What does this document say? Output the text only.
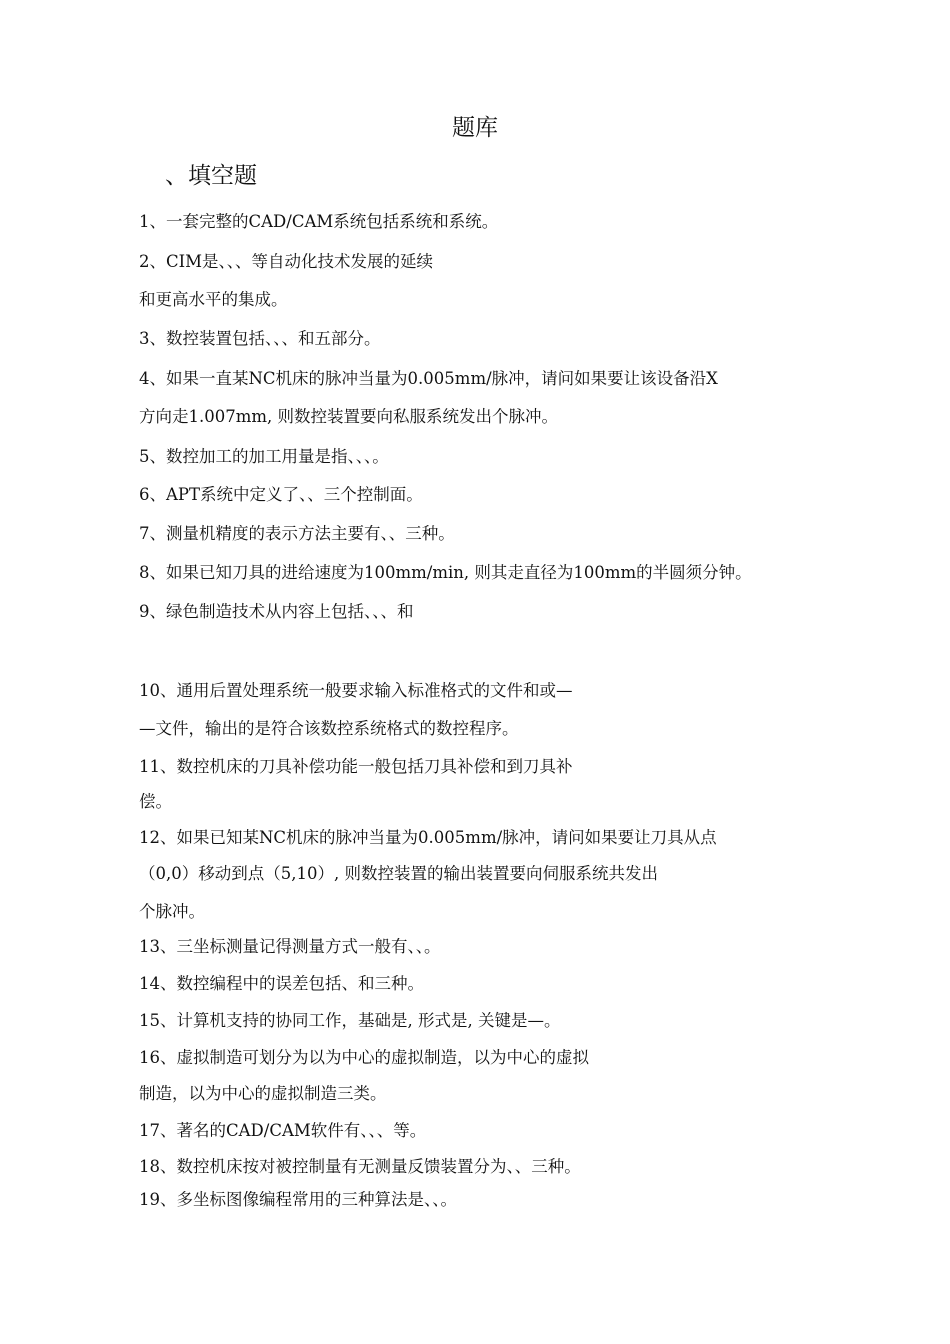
题库
、填空题
1、一套完整的CAD/CAM系统包括系统和系统。
2、CIM是、、、等自动化技术发展的延续
和更高水平的集成。
3、数控装置包括、、、和五部分。
4、如果一直某NC机床的脉冲当量为0.005mm/脉冲，请问如果要让该设备沿X
方向走1.007mm, 则数控装置要向私服系统发出个脉冲。
5、数控加工的加工用量是指、、、。
6、APT系统中定义了、、三个控制面。
7、测量机精度的表示方法主要有、、三种。
8、如果已知刀具的进给速度为100mm/min, 则其走直径为100mm的半圆须分钟。
9、绿色制造技术从内容上包括、、、和
10、通用后置处理系统一般要求输入标准格式的文件和或—
—文件，输出的是符合该数控系统格式的数控程序。
11、数控机床的刀具补偿功能一般包括刀具补偿和到刀具补
偿。
12、如果已知某NC机床的脉冲当量为0.005mm/脉冲，请问如果要让刀具从点
（0,0）移动到点（5,10）, 则数控装置的输出装置要向伺服系统共发出
个脉冲。
13、三坐标测量记得测量方式一般有、、。
14、数控编程中的误差包括、和三种。
15、计算机支持的协同工作，基础是, 形式是, 关键是—。
16、虚拟制造可划分为以为中心的虚拟制造，以为中心的虚拟
制造，以为中心的虚拟制造三类。
17、著名的CAD/CAM软件有、、、等。
18、数控机床按对被控制量有无测量反馈装置分为、、三种。
19、多坐标图像编程常用的三种算法是、、。
